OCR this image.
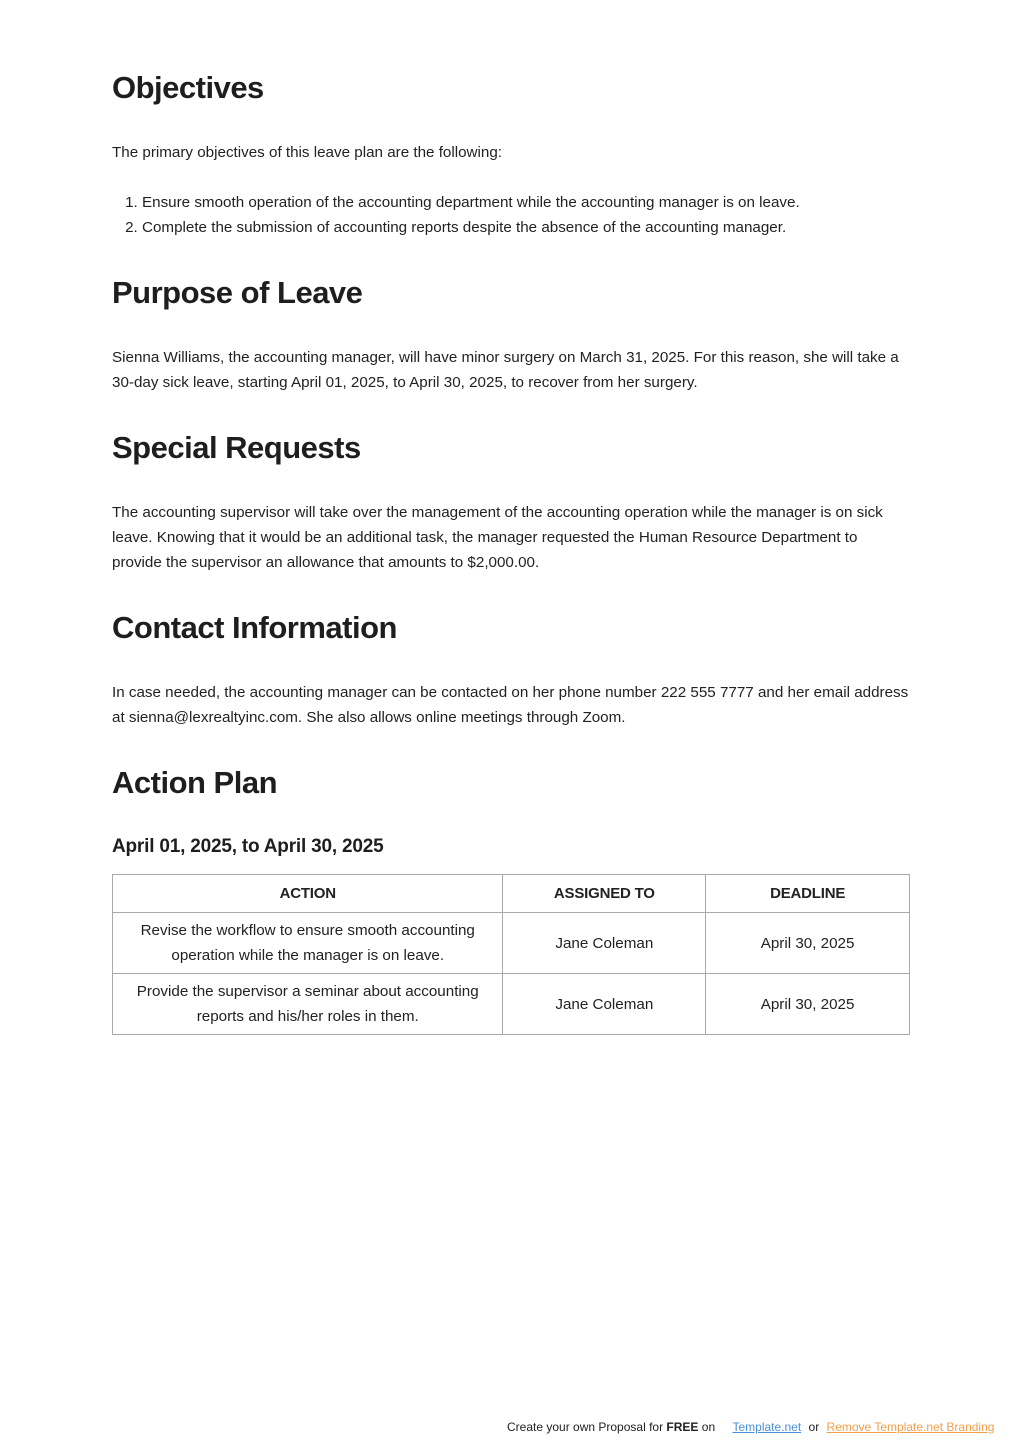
Objectives

The primary objectives of this leave plan are the following:

1. Ensure smooth operation of the accounting department while the accounting manager is on leave.
2. Complete the submission of accounting reports despite the absence of the accounting manager.
Purpose of Leave

Sienna Williams, the accounting manager, will have minor surgery on March 31, 2025. For this reason, she will take a 30-day sick leave, starting April 01, 2025, to April 30, 2025, to recover from her surgery.

Special Requests

The accounting supervisor will take over the management of the accounting operation while the manager is on sick leave. Knowing that it would be an additional task, the manager requested the Human Resource Department to provide the supervisor an allowance that amounts to $2,000.00.

Contact Information

In case needed, the accounting manager can be contacted on her phone number 222 555 7777 and her email address at sienna@lexrealtyinc.com. She also allows online meetings through Zoom.

Action Plan
April 01, 2025, to April 30, 2025
ACTION	ASSIGNED TO	DEADLINE
Revise the workflow to ensure smooth accounting operation while the manager is on leave.	Jane Coleman	April 30, 2025
Provide the supervisor a seminar about accounting reports and his/her roles in them.	Jane Coleman	April 30, 2025
Create your own Proposal for FREE on Template.net or Remove Template.net Branding
